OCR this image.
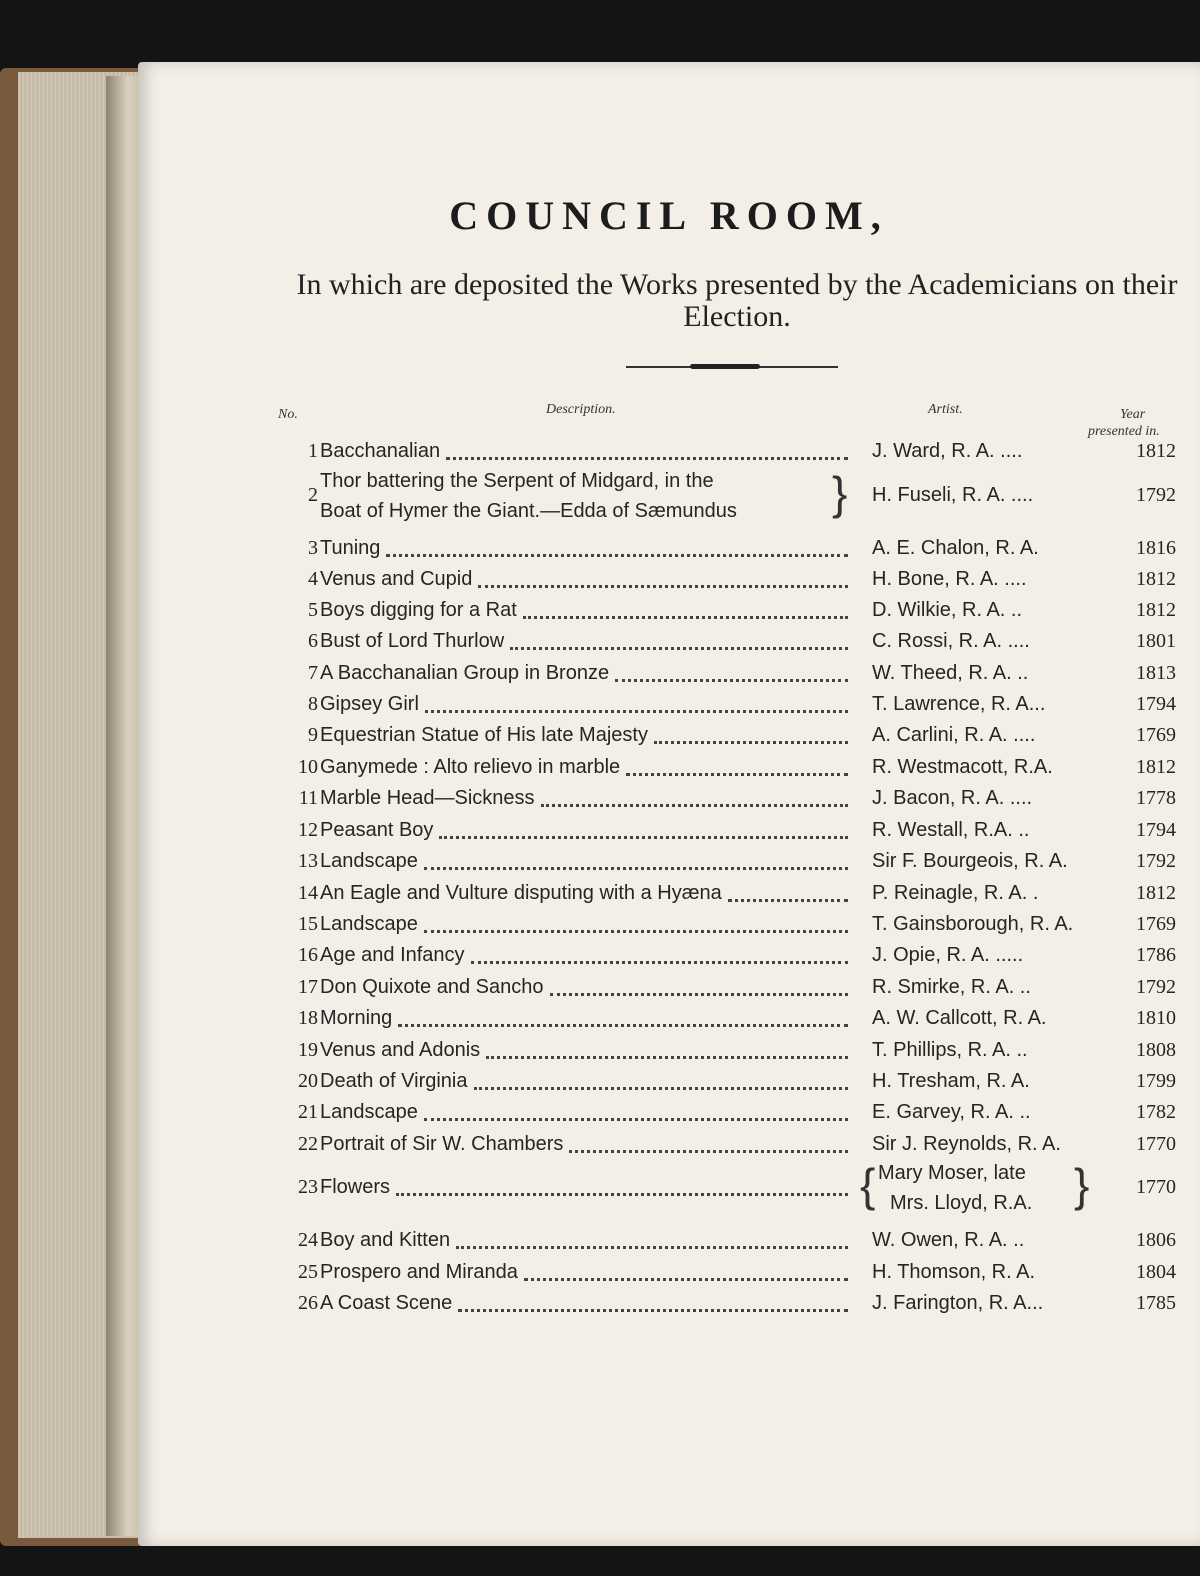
COUNCIL ROOM,

In which are deposited the Works presented by the Academicians on their Election.

No.	Description.	Artist.	Year
presented in.
1 Bacchanalian	J. Ward, R. A. ....	1812
2
Thor battering the Serpent of Midgard, in the
Boat of Hymer the Giant.—Edda of Sæmundus	} H. Fuseli, R. A. ....	1792
3 Tuning	A. E. Chalon, R. A.	1816
4 Venus and Cupid	H. Bone, R. A. ....	1812
5 Boys digging for a Rat	D. Wilkie, R. A. ..	1812
6 Bust of Lord Thurlow	C. Rossi, R. A. ....	1801
7 A Bacchanalian Group in Bronze	W. Theed, R. A. ..	1813
8 Gipsey Girl	T. Lawrence, R. A...	1794
9 Equestrian Statue of His late Majesty	A. Carlini, R. A. ....	1769
10 Ganymede : Alto relievo in marble	R. Westmacott, R.A.	1812
11 Marble Head—Sickness	J. Bacon, R. A. ....	1778
12 Peasant Boy	R. Westall, R.A. ..	1794
13 Landscape	Sir F. Bourgeois, R. A.	1792
14 An Eagle and Vulture disputing with a Hyæna	P. Reinagle, R. A. .	1812
15 Landscape	T. Gainsborough, R. A.	1769
16 Age and Infancy	J. Opie, R. A. .....	1786
17 Don Quixote and Sancho	R. Smirke, R. A. ..	1792
18 Morning	A. W. Callcott, R. A.	1810
19 Venus and Adonis	T. Phillips, R. A. ..	1808
20 Death of Virginia	H. Tresham, R. A.	1799
21 Landscape	E. Garvey, R. A. ..	1782
22 Portrait of Sir W. Chambers	Sir J. Reynolds, R. A.	1770
23 Flowers	{ Mary Moser, late
Mrs. Lloyd, R.A. }	1770
24 Boy and Kitten	W. Owen, R. A. ..	1806
25 Prospero and Miranda	H. Thomson, R. A.	1804
26 A Coast Scene	J. Farington, R. A...	1785
